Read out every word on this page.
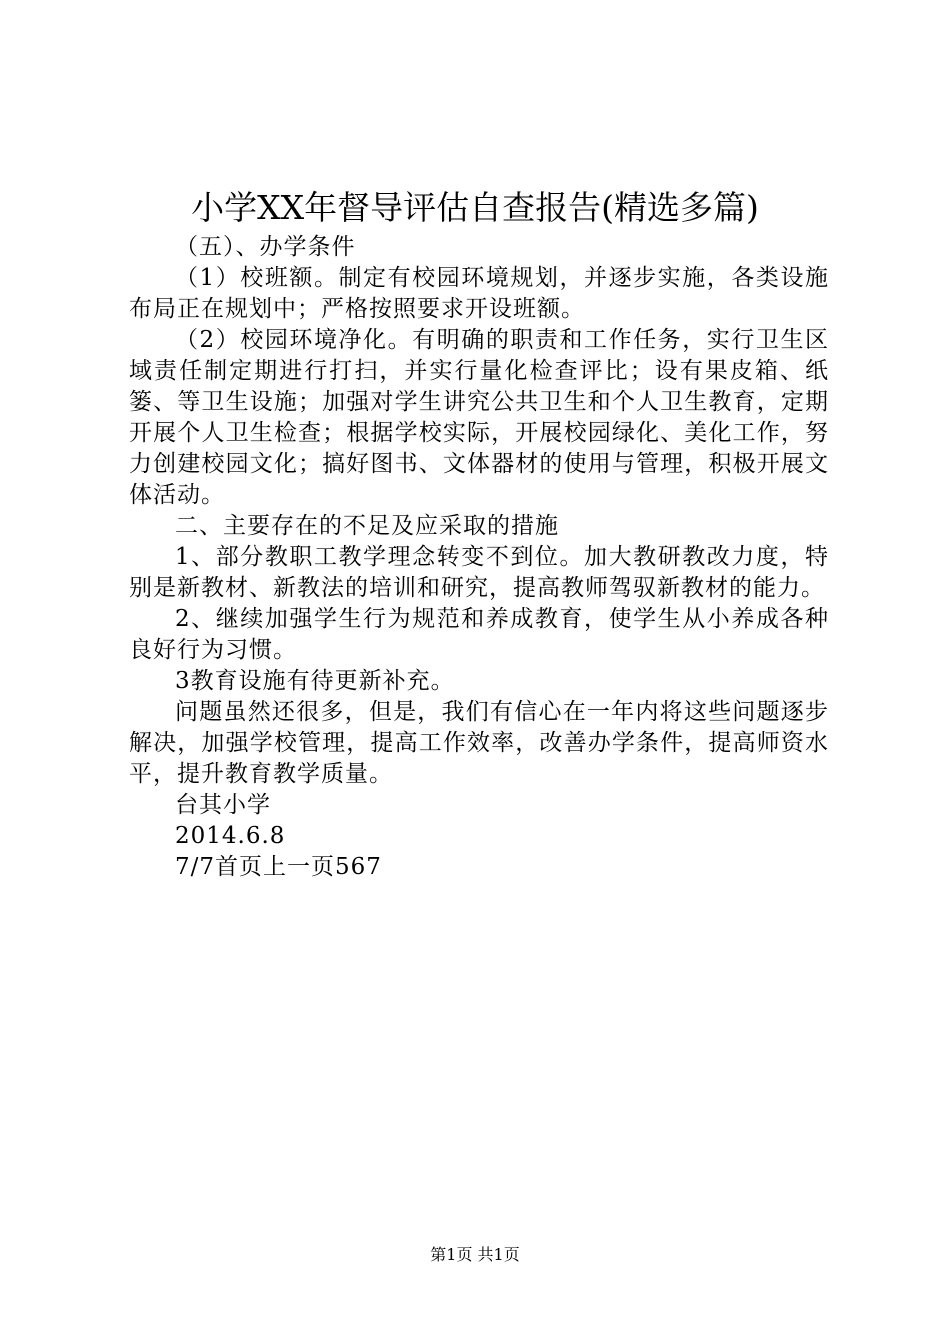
小学XX年督导评估自查报告(精选多篇)

（五）、办学条件

（1）校班额。制定有校园环境规划，并逐步实施，各类设施布局正在规划中；严格按照要求开设班额。

（2）校园环境净化。有明确的职责和工作任务，实行卫生区域责任制定期进行打扫，并实行量化检查评比；设有果皮箱、纸篓、等卫生设施；加强对学生讲究公共卫生和个人卫生教育，定期开展个人卫生检查；根据学校实际，开展校园绿化、美化工作，努力创建校园文化；搞好图书、文体器材的使用与管理，积极开展文体活动。

二、主要存在的不足及应采取的措施

1、部分教职工教学理念转变不到位。加大教研教改力度，特别是新教材、新教法的培训和研究，提高教师驾驭新教材的能力。

2、继续加强学生行为规范和养成教育，使学生从小养成各种良好行为习惯。

3教育设施有待更新补充。

问题虽然还很多，但是，我们有信心在一年内将这些问题逐步解决，加强学校管理，提高工作效率，改善办学条件，提高师资水平，提升教育教学质量。

台其小学

2014.6.8

7/7首页上一页567

第1页 共1页
